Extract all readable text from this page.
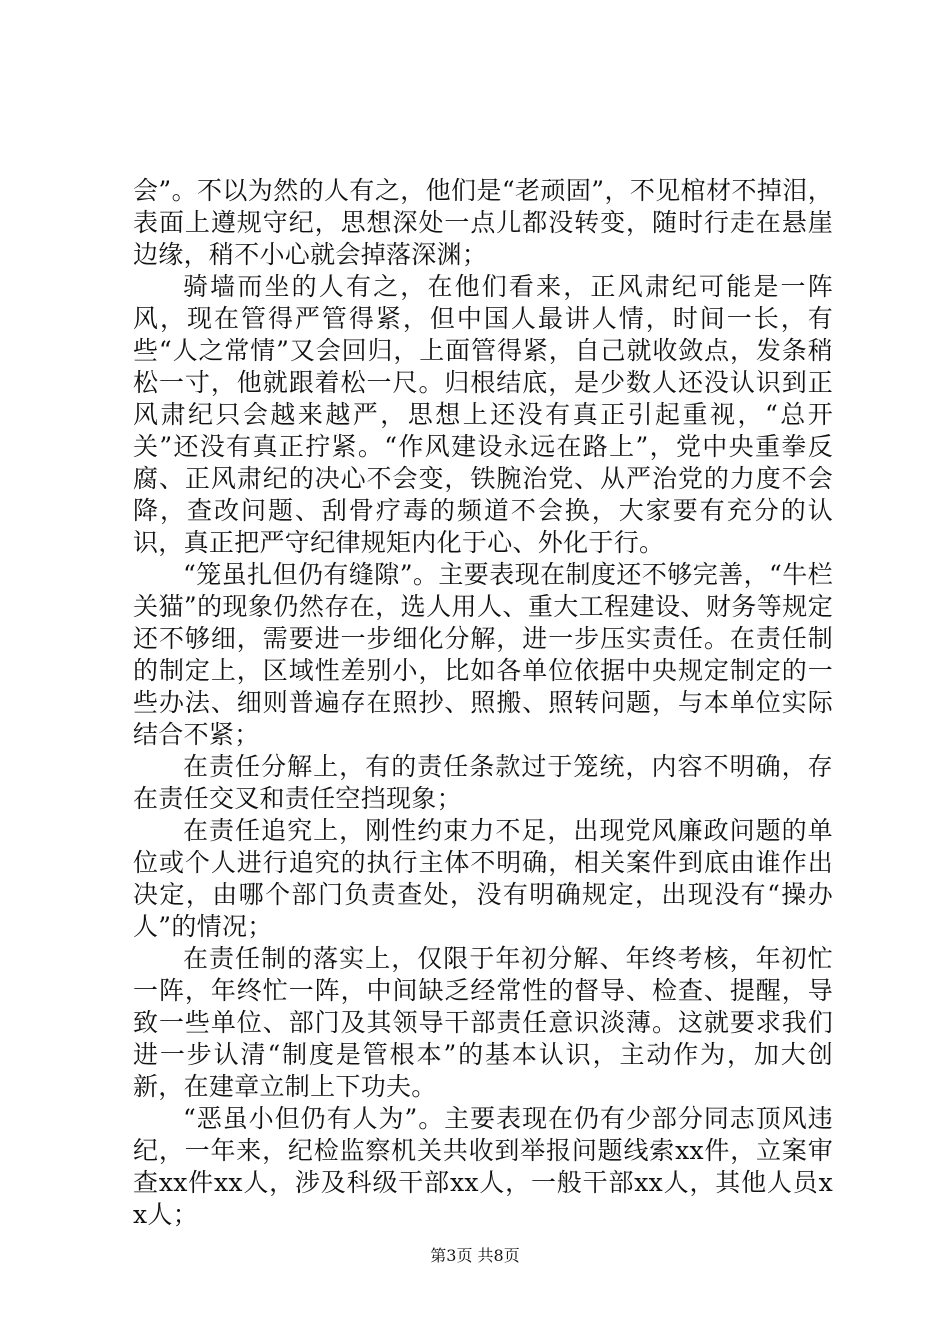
会”。不以为然的人有之，他们是“老顽固”，不见棺材不掉泪，表面上遵规守纪，思想深处一点儿都没转变，随时行走在悬崖边缘，稍不小心就会掉落深渊；

骑墙而坐的人有之，在他们看来，正风肃纪可能是一阵风，现在管得严管得紧，但中国人最讲人情，时间一长，有些“人之常情”又会回归，上面管得紧，自己就收敛点，发条稍松一寸，他就跟着松一尺。归根结底，是少数人还没认识到正风肃纪只会越来越严，思想上还没有真正引起重视，“总开关”还没有真正拧紧。“作风建设永远在路上”，党中央重拳反腐、正风肃纪的决心不会变，铁腕治党、从严治党的力度不会降，查改问题、刮骨疗毒的频道不会换，大家要有充分的认识，真正把严守纪律规矩内化于心、外化于行。

“笼虽扎但仍有缝隙”。主要表现在制度还不够完善，“牛栏关猫”的现象仍然存在，选人用人、重大工程建设、财务等规定还不够细，需要进一步细化分解，进一步压实责任。在责任制的制定上，区域性差别小，比如各单位依据中央规定制定的一些办法、细则普遍存在照抄、照搬、照转问题，与本单位实际结合不紧；

在责任分解上，有的责任条款过于笼统，内容不明确，存在责任交叉和责任空挡现象；

在责任追究上，刚性约束力不足，出现党风廉政问题的单位或个人进行追究的执行主体不明确，相关案件到底由谁作出决定，由哪个部门负责查处，没有明确规定，出现没有“操办人”的情况；

在责任制的落实上，仅限于年初分解、年终考核，年初忙一阵，年终忙一阵，中间缺乏经常性的督导、检查、提醒，导致一些单位、部门及其领导干部责任意识淡薄。这就要求我们进一步认清“制度是管根本”的基本认识，主动作为，加大创新，在建章立制上下功夫。

“恶虽小但仍有人为”。主要表现在仍有少部分同志顶风违纪，一年来，纪检监察机关共收到举报问题线索xx件，立案审查xx件xx人，涉及科级干部xx人，一般干部xx人，其他人员xx人；

第3页 共8页
